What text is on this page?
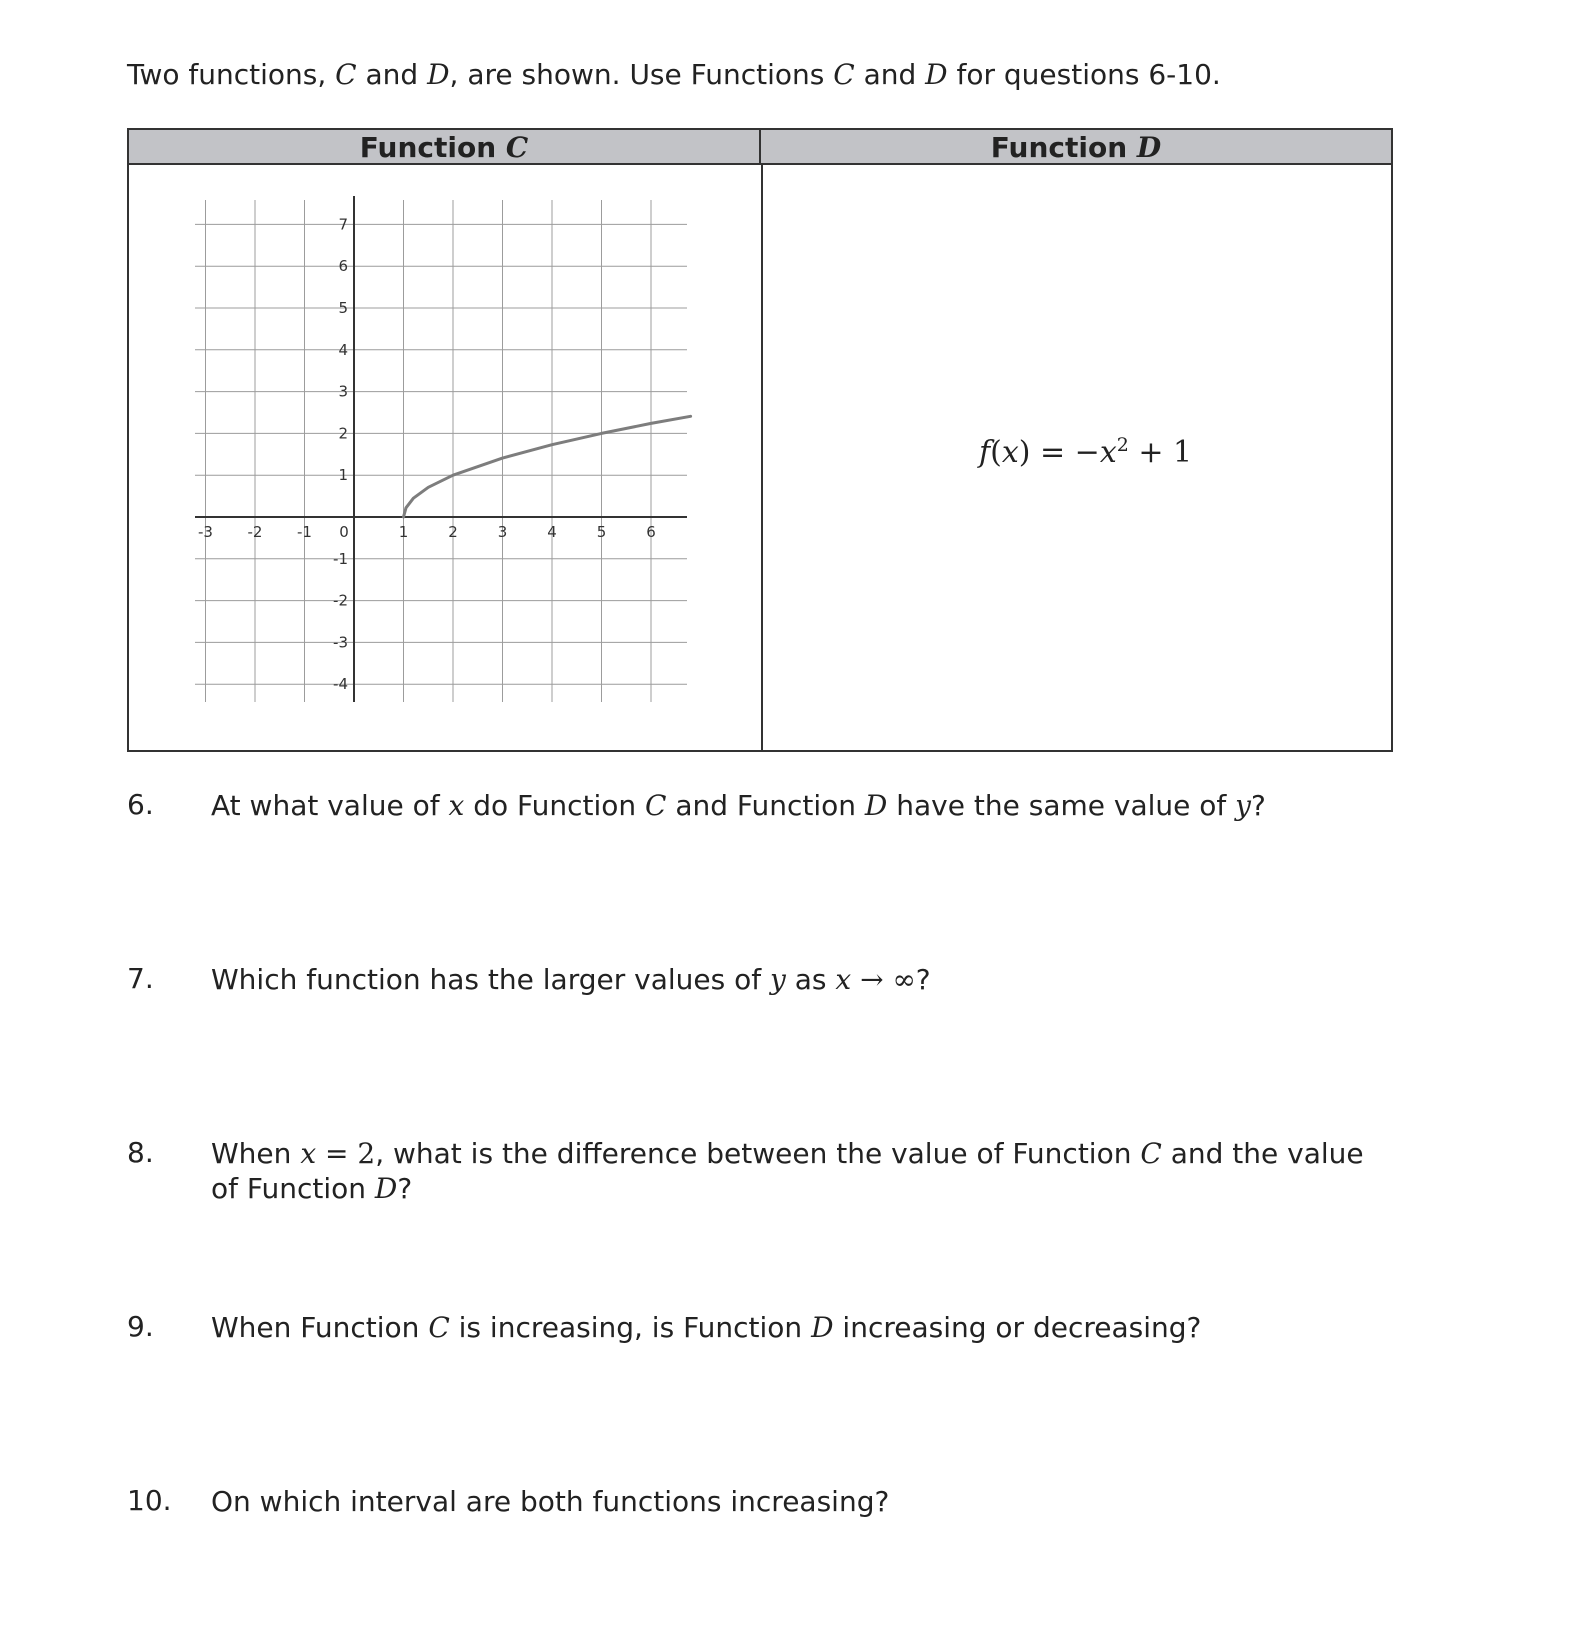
Two functions, C and D, are shown. Use Functions C and D for questions 6-10.

Function C	Function D
-3 -2 -1 0	1	2	3	4	5	6
7
6
5
4
3
2
1
-1
-2
-3
-4
$f(x) = -x^2 + 1$
6. At what value of x do Function C and Function D have the same value of y?
7. Which function has the larger values of y as x → ∞?
8. When x = 2, what is the difference between the value of Function C and the value
of Function D?
9. When Function C is increasing, is Function D increasing or decreasing?
10. On which interval are both functions increasing?
